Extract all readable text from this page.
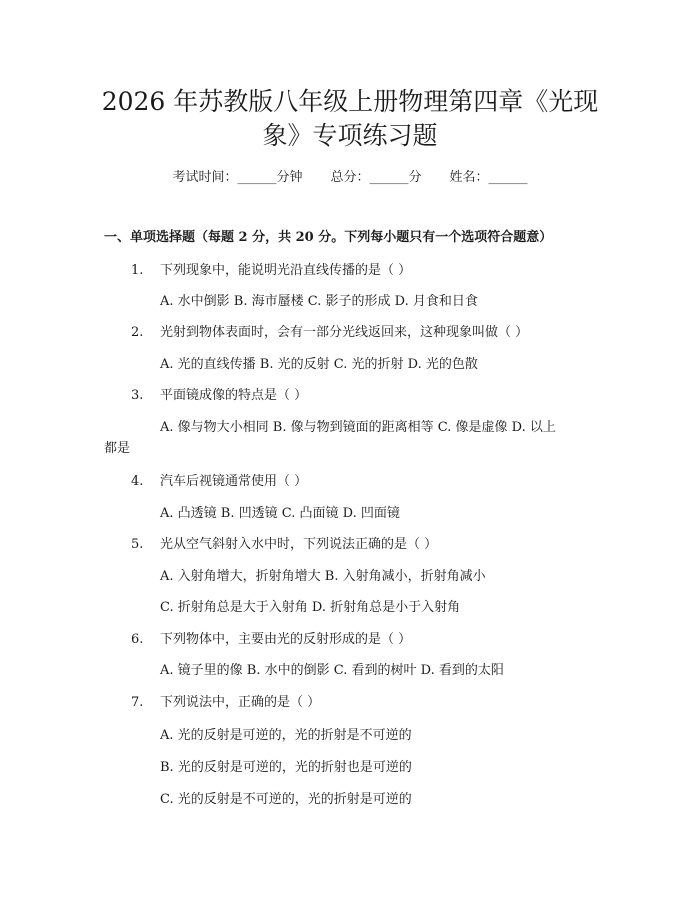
2026 年苏教版八年级上册物理第四章《光现
象》专项练习题
考试时间：______分钟 总分：______分 姓名：______
一、单项选择题（每题 2 分，共 20 分。下列每小题只有一个选项符合题意）
1. 下列现象中，能说明光沿直线传播的是（ ）
A. 水中倒影 B. 海市蜃楼 C. 影子的形成 D. 月食和日食
2. 光射到物体表面时，会有一部分光线返回来，这种现象叫做（ ）
A. 光的直线传播 B. 光的反射 C. 光的折射 D. 光的色散
3. 平面镜成像的特点是（ ）
A. 像与物大小相同 B. 像与物到镜面的距离相等 C. 像是虚像 D. 以上
都是
4. 汽车后视镜通常使用（ ）
A. 凸透镜 B. 凹透镜 C. 凸面镜 D. 凹面镜
5. 光从空气斜射入水中时，下列说法正确的是（ ）
A. 入射角增大，折射角增大 B. 入射角减小，折射角减小
C. 折射角总是大于入射角 D. 折射角总是小于入射角
6. 下列物体中，主要由光的反射形成的是（ ）
A. 镜子里的像 B. 水中的倒影 C. 看到的树叶 D. 看到的太阳
7. 下列说法中，正确的是（ ）
A. 光的反射是可逆的，光的折射是不可逆的
B. 光的反射是可逆的，光的折射也是可逆的
C. 光的反射是不可逆的，光的折射是可逆的
